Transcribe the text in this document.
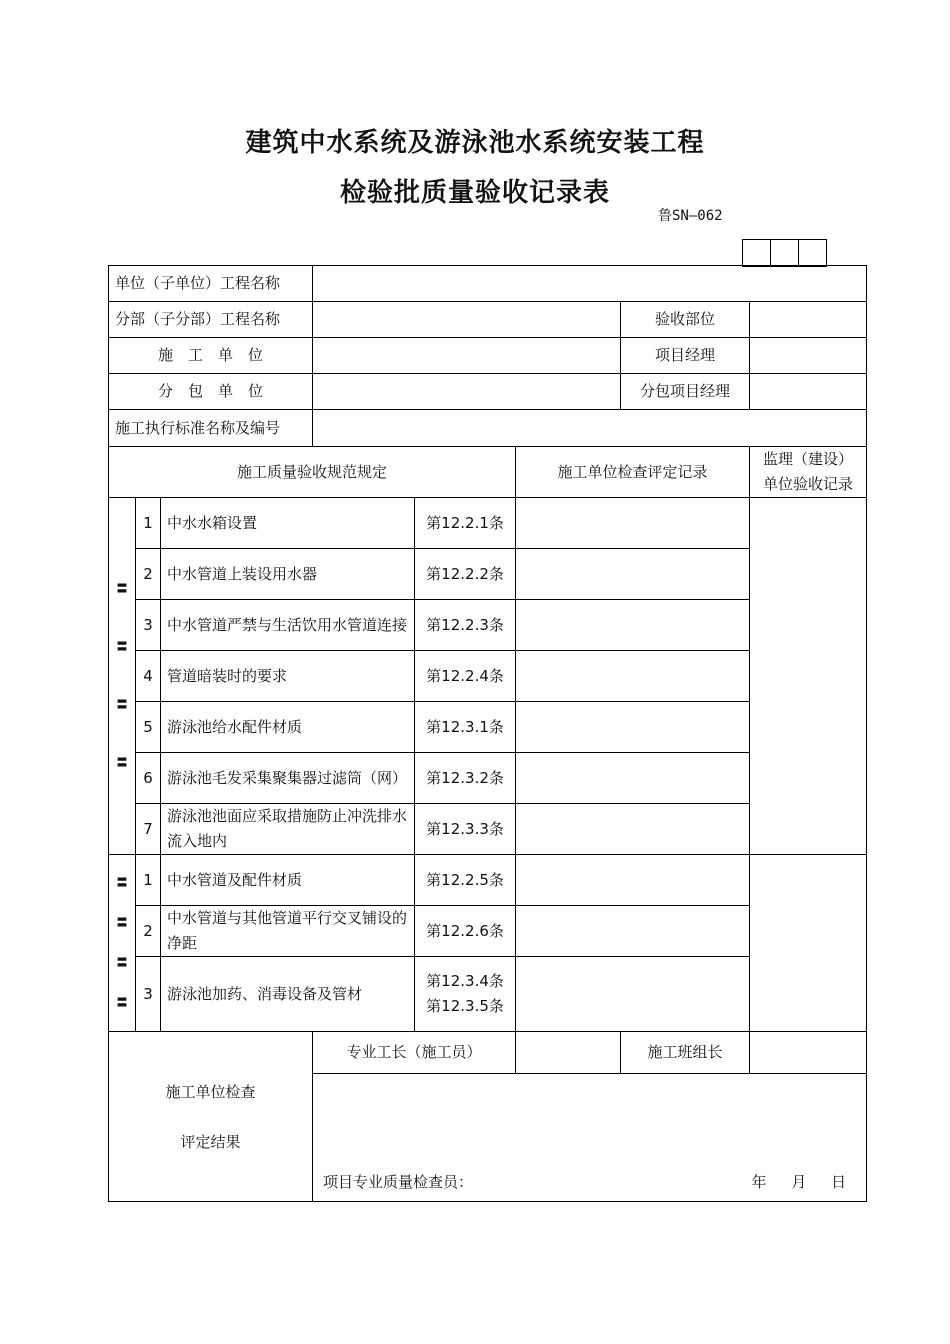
建筑中水系统及游泳池水系统安装工程
检验批质量验收记录表
鲁SN—062
单位（子单位）工程名称							
分部（子分部）工程名称						验收部位	
施　工　单　位						项目经理	
分　包　单　位						分包项目经理	
施工执行标准名称及编号							
施工质量验收规范规定					施工单位检查评定记录		监理（建设）单位验收记录

〓
〓
〓
〓	1	中水水箱设置		第12.2.1条			
	2	中水管道上装设用水器		第12.2.2条			
	3	中水管道严禁与生活饮用水管道连接		第12.2.3条			
	4	管道暗装时的要求		第12.2.4条			
	5	游泳池给水配件材质		第12.3.1条			
	6	游泳池毛发采集聚集器过滤筒（网）		第12.3.2条			
	7	游泳池池面应采取措施防止冲洗排水流入地内		第12.3.3条			

〓
〓
〓
〓	1	中水管道及配件材质		第12.2.5条			
	2	中水管道与其他管道平行交叉铺设的净距		第12.2.6条			
	3	游泳池加药、消毒设备及管材		第12.3.4条第12.3.5条			

施工单位检查
评定结果			专业工长（施工员）			施工班组长	

			项目专业质量检查员： 年 月 日				
